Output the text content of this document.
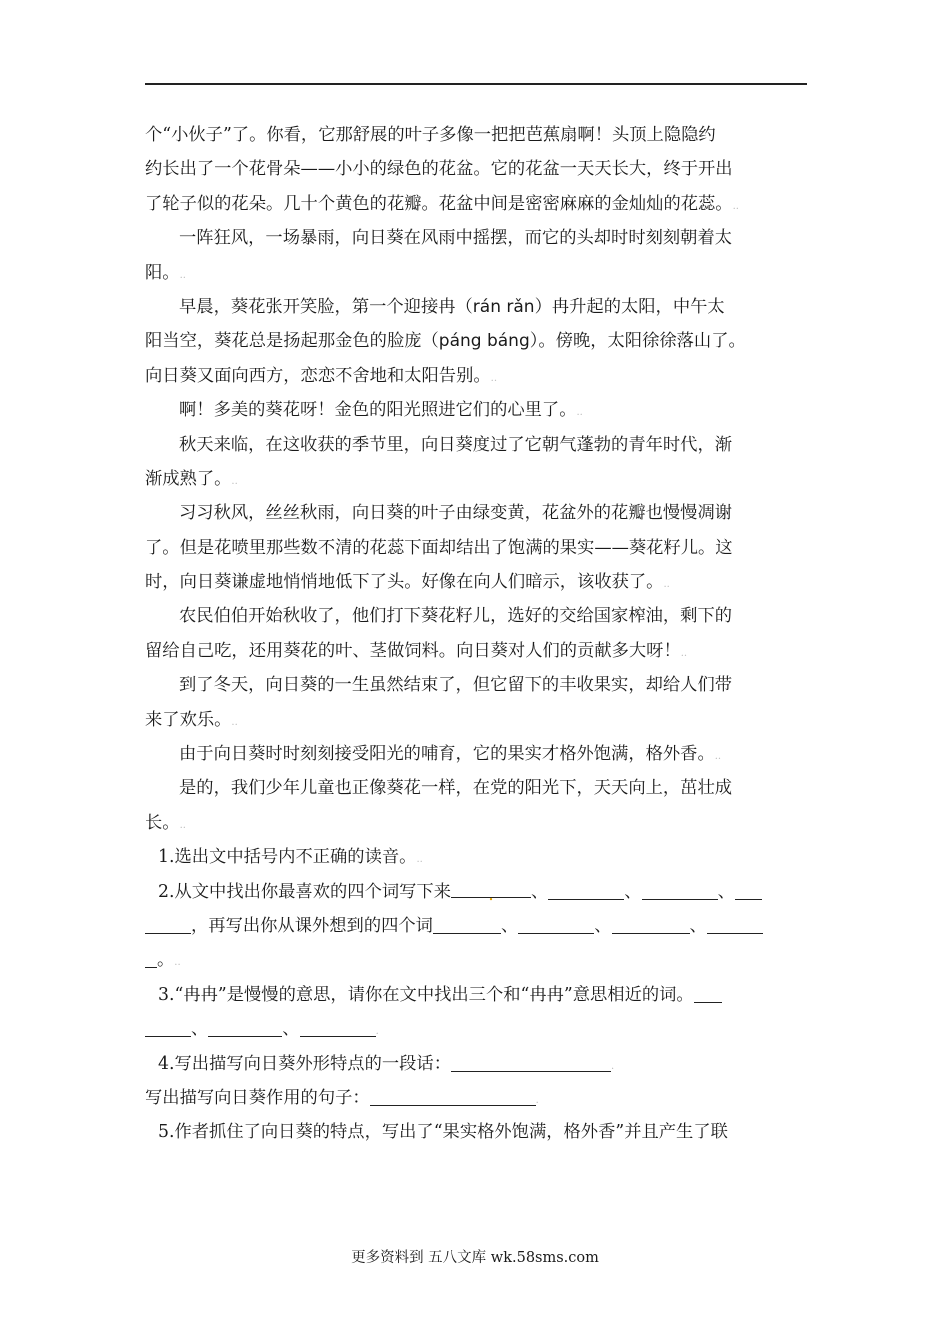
个“小伙子”了。你看，它那舒展的叶子多像一把把芭蕉扇啊！头顶上隐隐约
约长出了一个花骨朵——小小的绿色的花盆。它的花盆一天天长大，终于开出
了轮子似的花朵。几十个黄色的花瓣。花盆中间是密密麻麻的金灿灿的花蕊。..
一阵狂风，一场暴雨，向日葵在风雨中摇摆，而它的头却时时刻刻朝着太
阳。..
早晨，葵花张开笑脸，第一个迎接冉（rán rǎn）冉升起的太阳，中午太
阳当空，葵花总是扬起那金色的脸庞（páng báng）。傍晚，太阳徐徐落山了。
向日葵又面向西方，恋恋不舍地和太阳告别。..
啊！多美的葵花呀！金色的阳光照进它们的心里了。..
秋天来临，在这收获的季节里，向日葵度过了它朝气蓬勃的青年时代，渐
渐成熟了。..
习习秋风，丝丝秋雨，向日葵的叶子由绿变黄，花盆外的花瓣也慢慢凋谢
了。但是花喷里那些数不清的花蕊下面却结出了饱满的果实——葵花籽儿。这
时，向日葵谦虚地悄悄地低下了头。好像在向人们暗示，该收获了。..
农民伯伯开始秋收了，他们打下葵花籽儿，选好的交给国家榨油，剩下的
留给自己吃，还用葵花的叶、茎做饲料。向日葵对人们的贡献多大呀！..
到了冬天，向日葵的一生虽然结束了，但它留下的丰收果实，却给人们带
来了欢乐。..
由于向日葵时时刻刻接受阳光的哺育，它的果实才格外饱满，格外香。..
是的，我们少年儿童也正像葵花一样，在党的阳光下，天天向上，茁壮成
长。..
1.选出文中括号内不正确的读音。..
2.从文中找出你最喜欢的四个词写下来 . 、	、	、
，再写出你从课外想到的四个词	、	、	、
。..
3.“冉冉”是慢慢的意思，请你在文中找出三个和“冉冉”意思相近的词。
、	、	.
4.写出描写向日葵外形特点的一段话：	.
写出描写向日葵作用的句子：	.
5.作者抓住了向日葵的特点，写出了“果实格外饱满，格外香”并且产生了联
更多资料到 五八文库 wk.58sms.com
